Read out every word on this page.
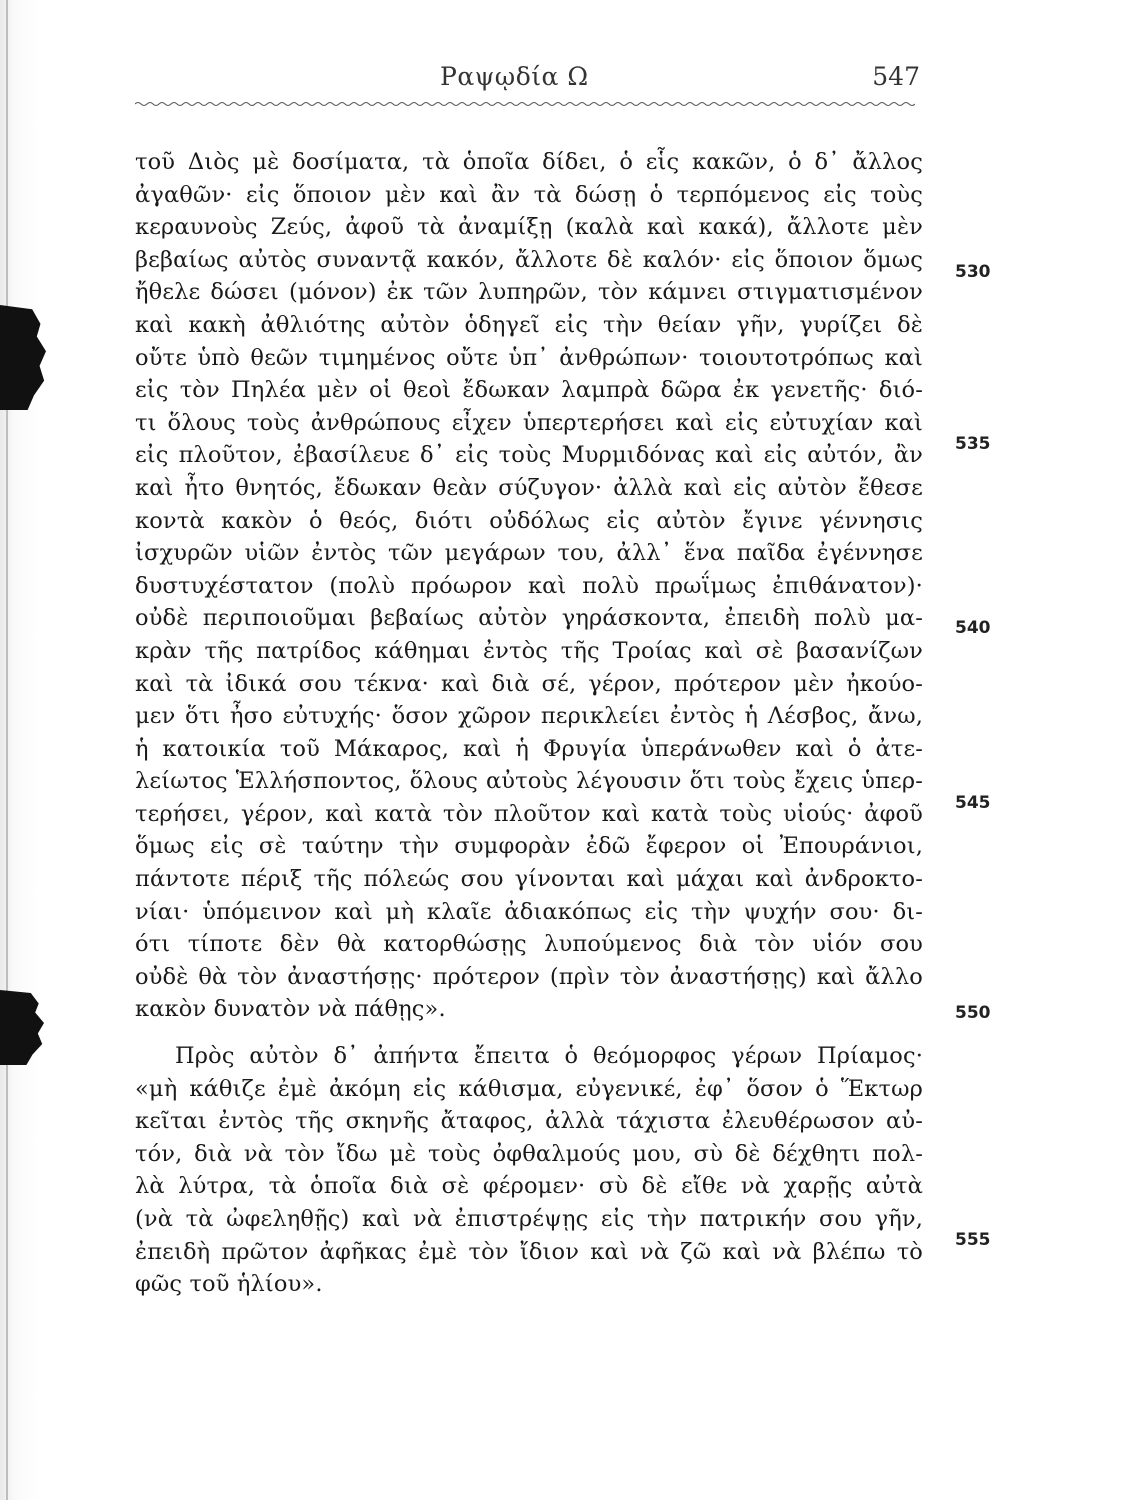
Ραψῳδία Ω	547
τοῦ Διὸς μὲ δοσίματα, τὰ ὁποῖα δίδει, ὁ εἷς κακῶν, ὁ δ᾽ ἄλλος
ἀγαθῶν· εἰς ὅποιον μὲν καὶ ἂν τὰ δώσῃ ὁ τερπόμενος εἰς τοὺς
κεραυνοὺς Ζεύς, ἀφοῦ τὰ ἀναμίξῃ (καλὰ καὶ κακά), ἄλλοτε μὲν
βεβαίως αὐτὸς συναντᾷ κακόν, ἄλλοτε δὲ καλόν· εἰς ὅποιον ὅμως
ἤθελε δώσει (μόνον) ἐκ τῶν λυπηρῶν, τὸν κάμνει στιγματισμένον
καὶ κακὴ ἀθλιότης αὐτὸν ὁδηγεῖ εἰς τὴν θείαν γῆν, γυρίζει δὲ
οὔτε ὑπὸ θεῶν τιμημένος οὔτε ὑπ᾽ ἀνθρώπων· τοιουτοτρόπως καὶ
εἰς τὸν Πηλέα μὲν οἱ θεοὶ ἔδωκαν λαμπρὰ δῶρα ἐκ γενετῆς· διό-
τι ὅλους τοὺς ἀνθρώπους εἶχεν ὑπερτερήσει καὶ εἰς εὐτυχίαν καὶ
εἰς πλοῦτον, ἐβασίλευε δ᾽ εἰς τοὺς Μυρμιδόνας καὶ εἰς αὐτόν, ἂν
καὶ ἦτο θνητός, ἔδωκαν θεὰν σύζυγον· ἀλλὰ καὶ εἰς αὐτὸν ἔθεσε
κοντὰ κακὸν ὁ θεός, διότι οὐδόλως εἰς αὐτὸν ἔγινε γέννησις
ἰσχυρῶν υἱῶν ἐντὸς τῶν μεγάρων του, ἀλλ᾽ ἕνα παῖδα ἐγέννησε
δυστυχέστατον (πολὺ πρόωρον καὶ πολὺ πρωΐμως ἐπιθάνατον)·
οὐδὲ περιποιοῦμαι βεβαίως αὐτὸν γηράσκοντα, ἐπειδὴ πολὺ μα-
κρὰν τῆς πατρίδος κάθημαι ἐντὸς τῆς Τροίας καὶ σὲ βασανίζων
καὶ τὰ ἰδικά σου τέκνα· καὶ διὰ σέ, γέρον, πρότερον μὲν ἠκούο-
μεν ὅτι ἦσο εὐτυχής· ὅσον χῶρον περικλείει ἐντὸς ἡ Λέσβος, ἄνω,
ἡ κατοικία τοῦ Μάκαρος, καὶ ἡ Φρυγία ὑπεράνωθεν καὶ ὁ ἀτε-
λείωτος Ἑλλήσποντος, ὅλους αὐτοὺς λέγουσιν ὅτι τοὺς ἔχεις ὑπερ-
τερήσει, γέρον, καὶ κατὰ τὸν πλοῦτον καὶ κατὰ τοὺς υἱούς· ἀφοῦ
ὅμως εἰς σὲ ταύτην τὴν συμφορὰν ἐδῶ ἔφερον οἱ Ἐπουράνιοι,
πάντοτε πέριξ τῆς πόλεώς σου γίνονται καὶ μάχαι καὶ ἀνδροκτο-
νίαι· ὑπόμεινον καὶ μὴ κλαῖε ἀδιακόπως εἰς τὴν ψυχήν σου· δι-
ότι τίποτε δὲν θὰ κατορθώσῃς λυπούμενος διὰ τὸν υἱόν σου
οὐδὲ θὰ τὸν ἀναστήσῃς· πρότερον (πρὶν τὸν ἀναστήσῃς) καὶ ἄλλο
κακὸν δυνατὸν νὰ πάθῃς».
Πρὸς αὐτὸν δ᾽ ἀπήντα ἔπειτα ὁ θεόμορφος γέρων Πρίαμος·
«μὴ κάθιζε ἐμὲ ἀκόμη εἰς κάθισμα, εὐγενικέ, ἐφ᾽ ὅσον ὁ Ἕκτωρ
κεῖται ἐντὸς τῆς σκηνῆς ἄταφος, ἀλλὰ τάχιστα ἐλευθέρωσον αὐ-
τόν, διὰ νὰ τὸν ἴδω μὲ τοὺς ὀφθαλμούς μου, σὺ δὲ δέχθητι πολ-
λὰ λύτρα, τὰ ὁποῖα διὰ σὲ φέρομεν· σὺ δὲ εἴθε νὰ χαρῇς αὐτὰ
(νὰ τὰ ὠφεληθῇς) καὶ νὰ ἐπιστρέψῃς εἰς τὴν πατρικήν σου γῆν,
ἐπειδὴ πρῶτον ἀφῆκας ἐμὲ τὸν ἴδιον καὶ νὰ ζῶ καὶ νὰ βλέπω τὸ
φῶς τοῦ ἡλίου».
530
535
540
545
550
555
